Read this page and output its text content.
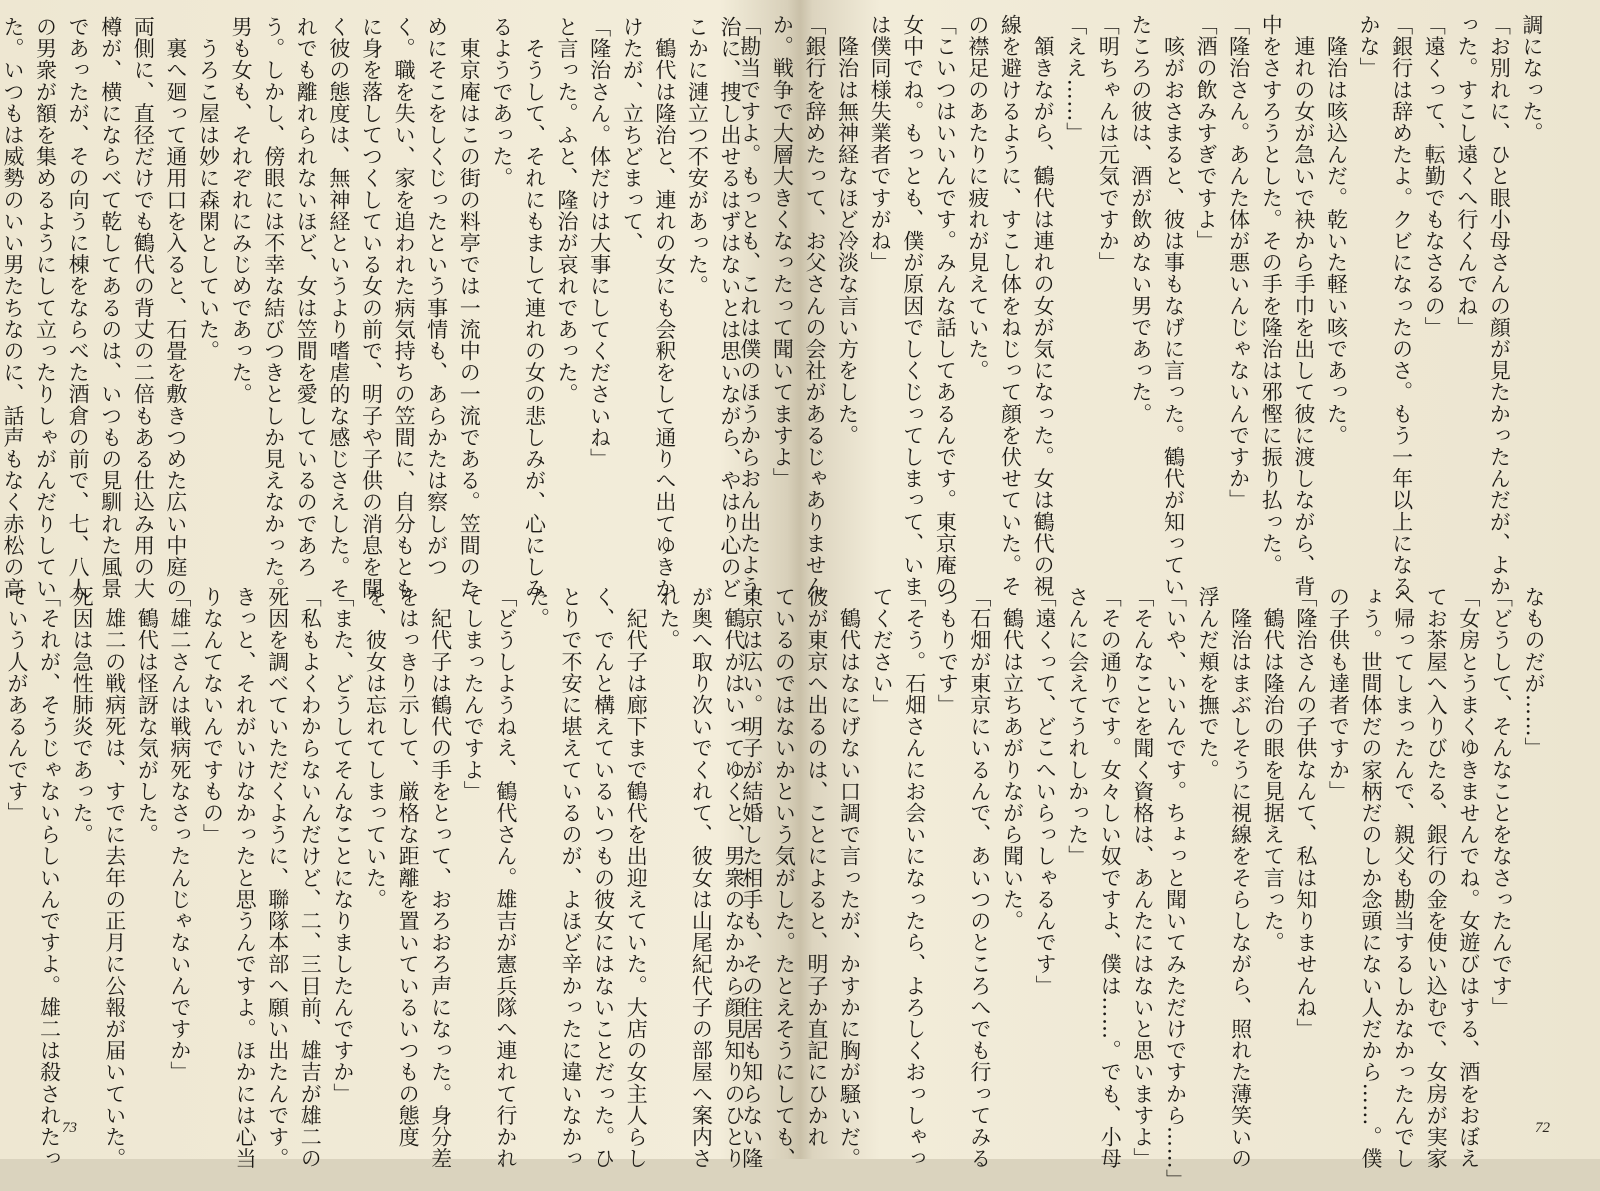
治に、捜し出せるはずはないとは思いながら、やはり心のど
こかに漣立つ不安があった。
　鶴代は隆治と、連れの女にも会釈をして通りへ出てゆきか
けたが、立ちどまって、
「隆治さん。体だけは大事にしてくださいね」
と言った。ふと、隆治が哀れであった。
　そうして、それにもまして連れの女の悲しみが、心にしみ
るようであった。
　東京庵はこの街の料亭では一流中の一流である。笠間のた
めにそこをしくじったという事情も、あらかたは察しがつ
く。職を失い、家を追われた病気持ちの笠間に、自分もとも
に身を落してつくしている女の前で、明子や子供の消息を聞
く彼の態度は、無神経というより嗜虐的な感じさえした。そ
れでも離れられないほど、女は笠間を愛しているのであろ
う。しかし、傍眼には不幸な結びつきとしか見えなかった。
男も女も、それぞれにみじめであった。
　うろこ屋は妙に森閑としていた。
　裏へ廻って通用口を入ると、石畳を敷きつめた広い中庭の
両側に、直径だけでも鶴代の背丈の二倍もある仕込み用の大
樽が、横にならべて乾してあるのは、いつもの見馴れた風景
であったが、その向うに棟をならべた酒倉の前で、七、八人
の男衆が額を集めるようにして立ったりしゃがんだりしてい
た。いつもは威勢のいい男たちなのに、話声もなく赤松の高

　鶴代がはいってゆくと、男衆のなかから顔見知りのひとり
が奥へ取り次いでくれて、彼女は山尾紀代子の部屋へ案内さ
れた。
　紀代子は廊下まで鶴代を出迎えていた。大店の女主人らし
く、でんと構えているいつもの彼女にはないことだった。ひ
とりで不安に堪えているのが、よほど辛かったに違いなかっ
た。
「どうしようねえ、鶴代さん。雄吉が憲兵隊へ連れて行かれ
てしまったんですよ」
　紀代子は鶴代の手をとって、おろおろ声になった。身分差
をはっきり示して、厳格な距離を置いているいつもの態度
を、彼女は忘れてしまっていた。
「また、どうしてそんなことになりましたんですか」
「私もよくわからないんだけど、二、三日前、雄吉が雄二の
死因を調べていただくように、聯隊本部へ願い出たんです。
きっと、それがいけなかったと思うんですよ。ほかには心当
りなんてないんですもの」
「雄二さんは戦病死なさったんじゃないんですか」
　鶴代は怪訝な気がした。
　雄二の戦病死は、すでに去年の正月に公報が届いていた。
死因は急性肺炎であった。
「それが、そうじゃないらしいんですよ。雄二は殺されたっ
ていう人があるんです」

73
調になった。
「お別れに、ひと眼小母さんの顔が見たかったんだが、よか
った。すこし遠くへ行くんでね」
「遠くって、転勤でもなさるの」
「銀行は辞めたよ。クビになったのさ。もう一年以上になる
かな」
　隆治は咳込んだ。乾いた軽い咳であった。
　連れの女が急いで袂から手巾を出して彼に渡しながら、背
中をさすろうとした。その手を隆治は邪慳に振り払った。
「隆治さん。あんた体が悪いんじゃないんですか」
「酒の飲みすぎですよ」
　咳がおさまると、彼は事もなげに言った。鶴代が知ってい
たころの彼は、酒が飲めない男であった。
「明ちゃんは元気ですか」
「ええ……」
　頷きながら、鶴代は連れの女が気になった。女は鶴代の視
線を避けるように、すこし体をねじって顔を伏せていた。そ
の襟足のあたりに疲れが見えていた。
「こいつはいいんです。みんな話してあるんです。東京庵の
女中でね。もっとも、僕が原因でしくじってしまって、いま
は僕同様失業者ですがね」
　隆治は無神経なほど冷淡な言い方をした。
「銀行を辞めたって、お父さんの会社があるじゃありません
か。戦争で大層大きくなったって聞いてますよ」
「勘当ですよ。もっとも、これは僕のほうからおん出たよう
なものだが……」
「どうして、そんなことをなさったんです」
「女房とうまくゆきませんでね。女遊びはする、酒をおぼえ
てお茶屋へ入りびたる、銀行の金を使い込むで、女房が実家
へ帰ってしまったんで、親父も勘当するしかなかったんでし
ょう。世間体だの家柄だのしか念頭にない人だから……。僕
の子供も達者ですか」
「隆治さんの子供なんて、私は知りませんね」
　鶴代は隆治の眼を見据えて言った。
　隆治はまぶしそうに視線をそらしながら、照れた薄笑いの
浮んだ頬を撫でた。
「いや、いいんです。ちょっと聞いてみただけですから……」
「そんなことを聞く資格は、あんたにはないと思いますよ」
「その通りです。女々しい奴ですよ、僕は……。でも、小母
さんに会えてうれしかった」
「遠くって、どこへいらっしゃるんです」
　鶴代は立ちあがりながら聞いた。
「石畑が東京にいるんで、あいつのところへでも行ってみる
つもりです」
「そう。石畑さんにお会いになったら、よろしくおっしゃっ
てください」
　鶴代はなにげない口調で言ったが、かすかに胸が騒いだ。
彼が東京へ出るのは、ことによると、明子か直記にひかれ
ているのではないかという気がした。たとえそうにしても、
東京は広い。明子が結婚した相手も、その住居も知らない隆	72
